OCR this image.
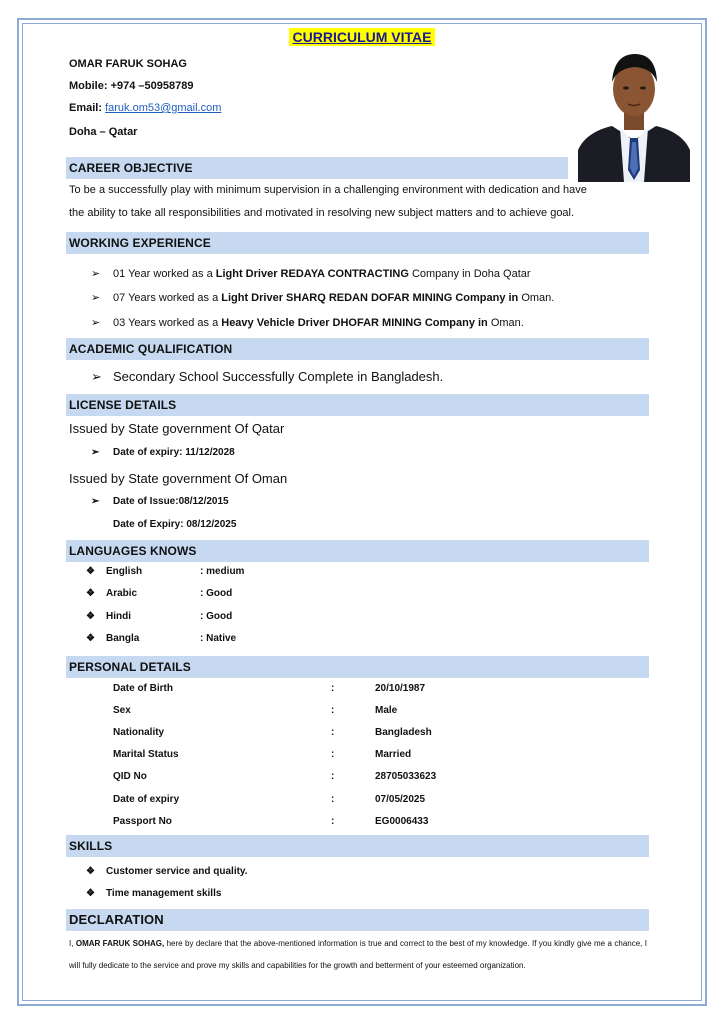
CURRICULUM VITAE
OMAR FARUK SOHAG
Mobile: +974 –50958789
Email: faruk.om53@gmail.com
Doha – Qatar
CAREER OBJECTIVE
To be a successfully play with minimum supervision in a challenging environment with dedication and have
the ability to take all responsibilities and motivated in resolving new subject matters and to achieve goal.
WORKING EXPERIENCE
➢ 01 Year worked as a Light Driver REDAYA CONTRACTING Company in Doha Qatar
➢ 07 Years worked as a Light Driver SHARQ REDAN DOFAR MINING Company in Oman.
➢ 03 Years worked as a Heavy Vehicle Driver DHOFAR MINING Company in Oman.
ACADEMIC QUALIFICATION
➢ Secondary School Successfully Complete in Bangladesh.
LICENSE DETAILS
Issued by State government Of Qatar
➢ Date of expiry: 11/12/2028
Issued by State government Of Oman
➢ Date of Issue:08/12/2015
Date of Expiry: 08/12/2025
LANGUAGES KNOWS
❖ English	: medium
❖ Arabic	: Good
❖ Hindi	: Good
❖ Bangla	: Native
PERSONAL DETAILS
Date of Birth	:	20/10/1987
Sex	:	Male
Nationality	:	Bangladesh
Marital Status	:	Married
QID No	:	28705033623
Date of expiry	:	07/05/2025
Passport No	:	EG0006433
SKILLS
❖ Customer service and quality.
❖ Time management skills
DECLARATION
I, OMAR FARUK SOHAG, here by declare that the above-mentioned information is true and correct to the best of my knowledge. If you kindly give me a chance, I will fully dedicate to the service and prove my skills and capabilities for the growth and betterment of your esteemed organization.
